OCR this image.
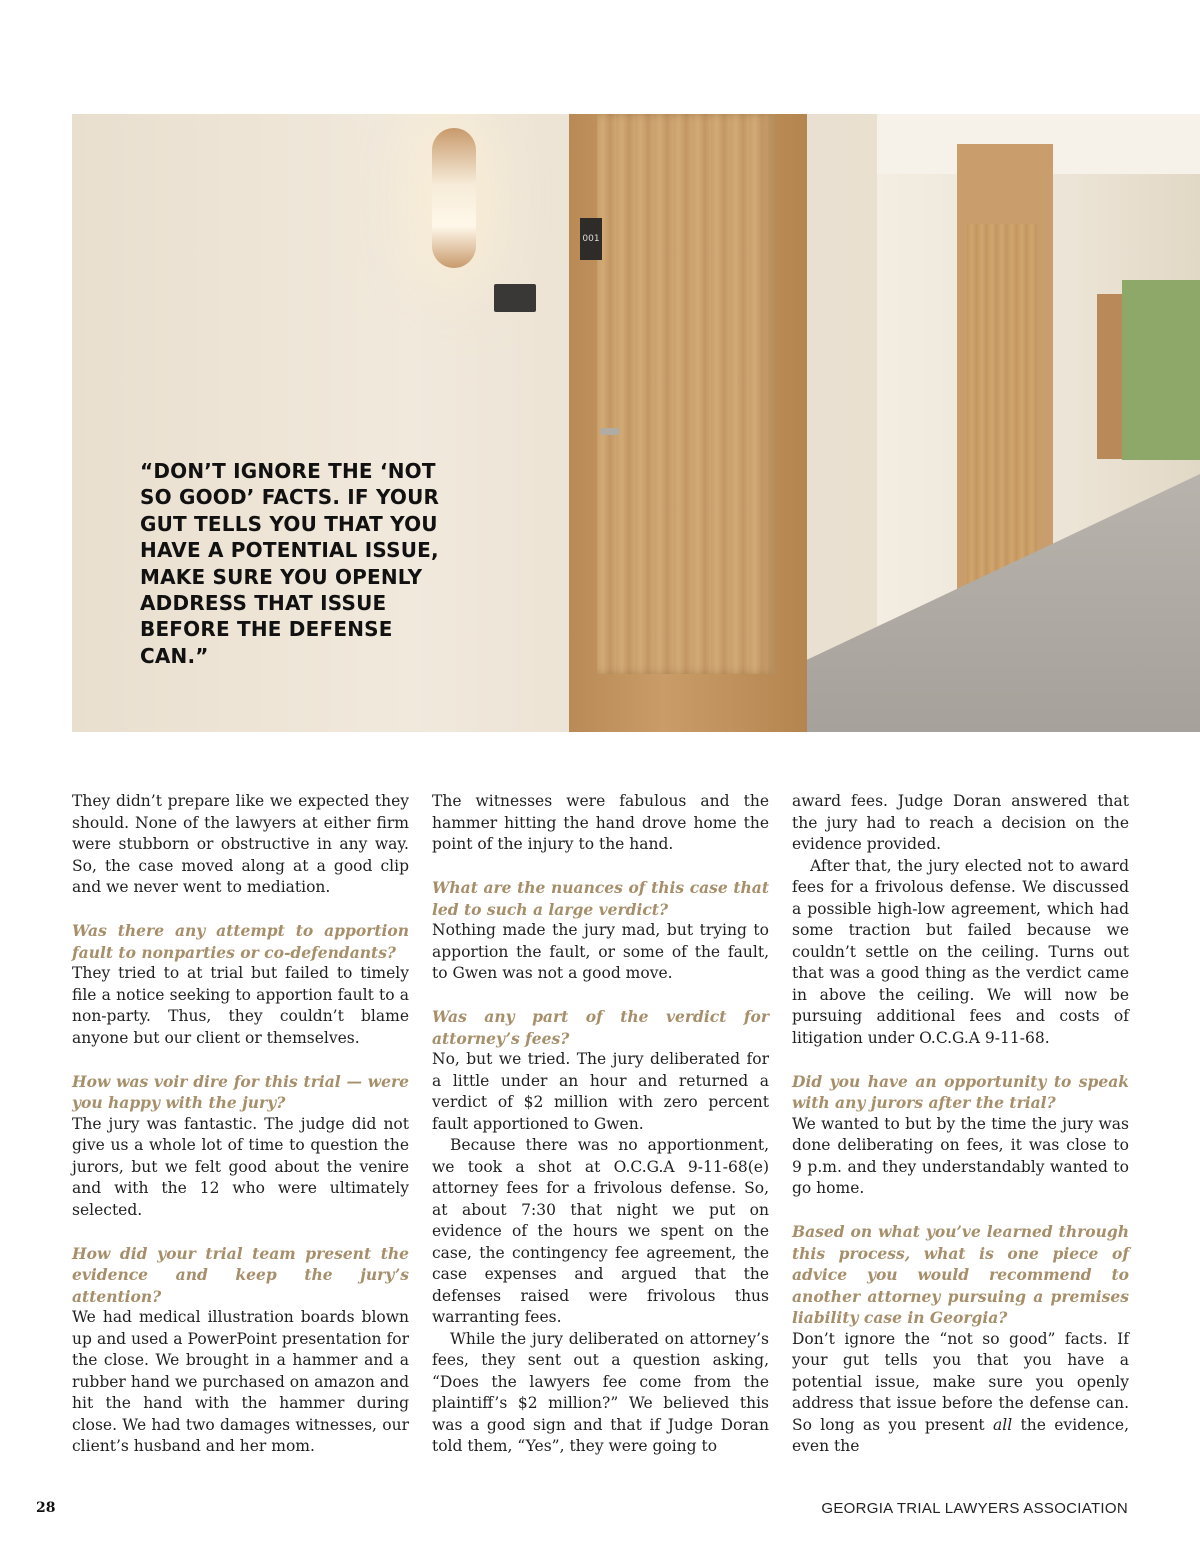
001

“DON’T IGNORE THE ‘NOT SO GOOD’ FACTS. IF YOUR GUT TELLS YOU THAT YOU HAVE A POTENTIAL ISSUE, MAKE SURE YOU OPENLY ADDRESS THAT ISSUE BEFORE THE DEFENSE CAN.”

They didn’t prepare like we expected they should. None of the lawyers at either firm were stubborn or obstructive in any way. So, the case moved along at a good clip and we never went to mediation.

Was there any attempt to apportion fault to nonparties or co-defendants?

They tried to at trial but failed to timely file a notice seeking to apportion fault to a non-party. Thus, they couldn’t blame anyone but our client or themselves.

How was voir dire for this trial — were you happy with the jury?

The jury was fantastic. The judge did not give us a whole lot of time to question the jurors, but we felt good about the venire and with the 12 who were ultimately selected.

How did your trial team present the evidence and keep the jury’s attention?

We had medical illustration boards blown up and used a PowerPoint presentation for the close. We brought in a hammer and a rubber hand we purchased on amazon and hit the hand with the hammer during close. We had two damages witnesses, our client’s husband and her mom.

The witnesses were fabulous and the hammer hitting the hand drove home the point of the injury to the hand.

What are the nuances of this case that led to such a large verdict?

Nothing made the jury mad, but trying to apportion the fault, or some of the fault, to Gwen was not a good move.

Was any part of the verdict for attorney’s fees?

No, but we tried. The jury deliberated for a little under an hour and returned a verdict of $2 million with zero percent fault apportioned to Gwen.

Because there was no apportionment, we took a shot at O.C.G.A 9-11-68(e) attorney fees for a frivolous defense. So, at about 7:30 that night we put on evidence of the hours we spent on the case, the contingency fee agreement, the case expenses and argued that the defenses raised were frivolous thus warranting fees.

While the jury deliberated on attorney’s fees, they sent out a question asking, “Does the lawyers fee come from the plaintiff’s $2 million?” We believed this was a good sign and that if Judge Doran told them, “Yes”, they were going to

award fees. Judge Doran answered that the jury had to reach a decision on the evidence provided.

After that, the jury elected not to award fees for a frivolous defense. We discussed a possible high-low agreement, which had some traction but failed because we couldn’t settle on the ceiling. Turns out that was a good thing as the verdict came in above the ceiling. We will now be pursuing additional fees and costs of litigation under O.C.G.A 9-11-68.

Did you have an opportunity to speak with any jurors after the trial?

We wanted to but by the time the jury was done deliberating on fees, it was close to 9 p.m. and they understandably wanted to go home.

Based on what you’ve learned through this process, what is one piece of advice you would recommend to another attorney pursuing a premises liability case in Georgia?

Don’t ignore the “not so good” facts. If your gut tells you that you have a potential issue, make sure you openly address that issue before the defense can. So long as you present all the evidence, even the

28	GEORGIA TRIAL LAWYERS ASSOCIATION
